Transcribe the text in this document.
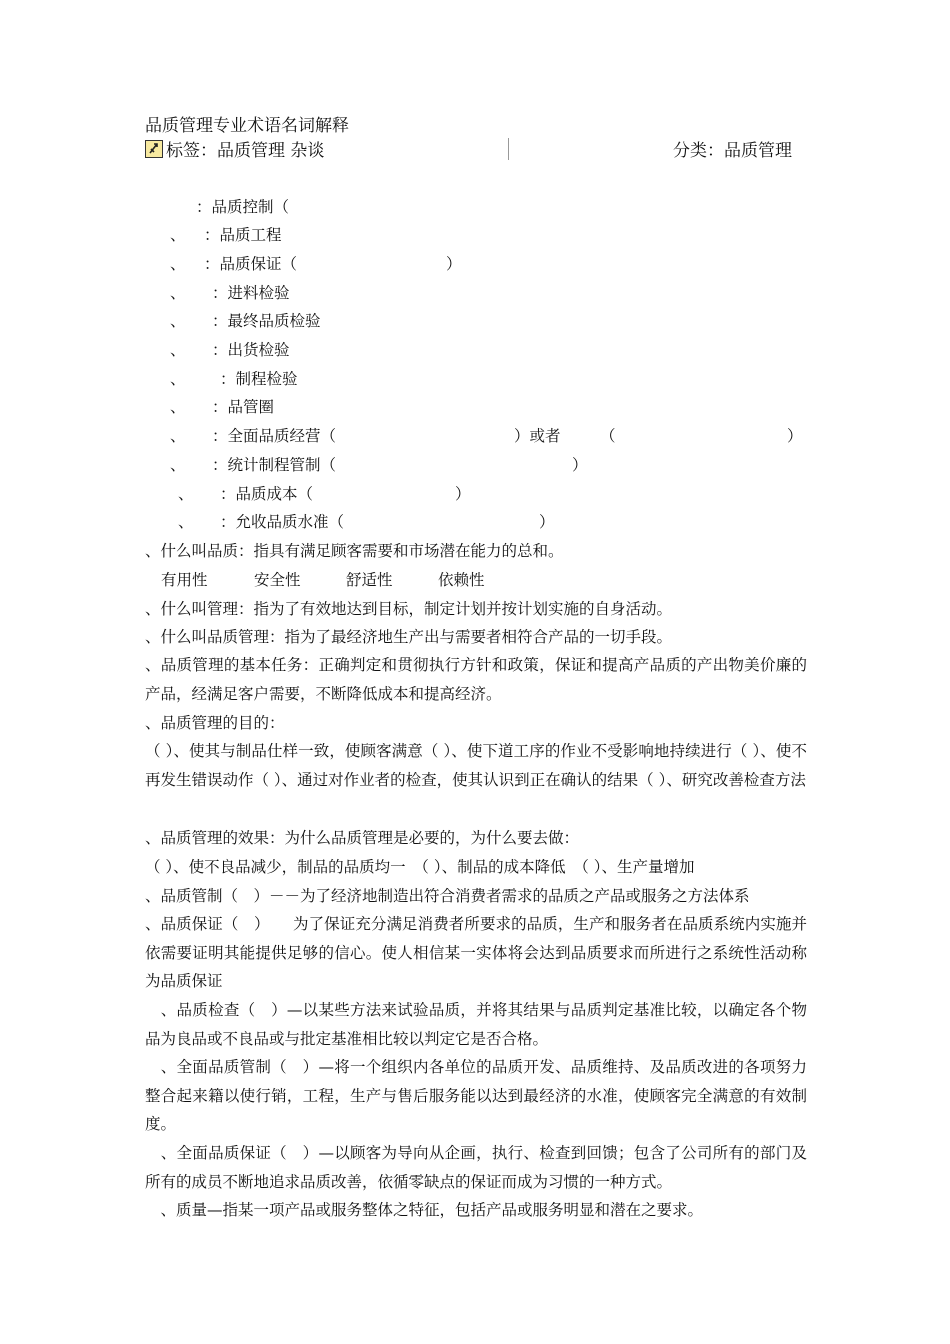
品质管理专业术语名词解释
标签：品质管理 杂谈	分类：品质管理
：品质控制（
、 ：品质工程
、 ：品质保证（	）
、 ：进料检验
、 ：最终品质检验
、 ：出货检验
、 ：制程检验
、 ：品管圈
、 ：全面品质经营（	）或者	（	）
、 ：统计制程管制（	）
、 ：品质成本（	）
、 ：允收品质水准（	）
、什么叫品质：指具有满足顾客需要和市场潜在能力的总和。
有用性	安全性	舒适性	依赖性
、什么叫管理：指为了有效地达到目标，制定计划并按计划实施的自身活动。
、什么叫品质管理：指为了最经济地生产出与需要者相符合产品的一切手段。
、品质管理的基本任务：正确判定和贯彻执行方针和政策，保证和提高产品质的产出物美价廉的产品，经满足客户需要，不断降低成本和提高经济。
、品质管理的目的：
（ ）、使其与制品仕样一致，使顾客满意（ ）、使下道工序的作业不受影响地持续进行（ ）、使不再发生错误动作（ ）、通过对作业者的检查，使其认识到正在确认的结果（ ）、研究改善检查方法
、品质管理的效果：为什么品质管理是必要的，为什么要去做：
（ ）、使不良品减少，制品的品质均一　（ ）、制品的成本降低　（ ）、生产量增加
、品质管制（　）－－为了经济地制造出符合消费者需求的品质之产品或服务之方法体系
、品质保证（　）　　为了保证充分满足消费者所要求的品质，生产和服务者在品质系统内实施并依需要证明其能提供足够的信心。使人相信某一实体将会达到品质要求而所进行之系统性活动称为品质保证
　、品质检查（　）—以某些方法来试验品质，并将其结果与品质判定基准比较，以确定各个物品为良品或不良品或与批定基准相比较以判定它是否合格。
　、全面品质管制（　）—将一个组织内各单位的品质开发、品质维持、及品质改进的各项努力整合起来籍以使行销，工程，生产与售后服务能以达到最经济的水准，使顾客完全满意的有效制度。
　、全面品质保证（　）—以顾客为导向从企画，执行、检查到回馈；包含了公司所有的部门及所有的成员不断地追求品质改善，依循零缺点的保证而成为习惯的一种方式。
　、质量—指某一项产品或服务整体之特征，包括产品或服务明显和潜在之要求。
